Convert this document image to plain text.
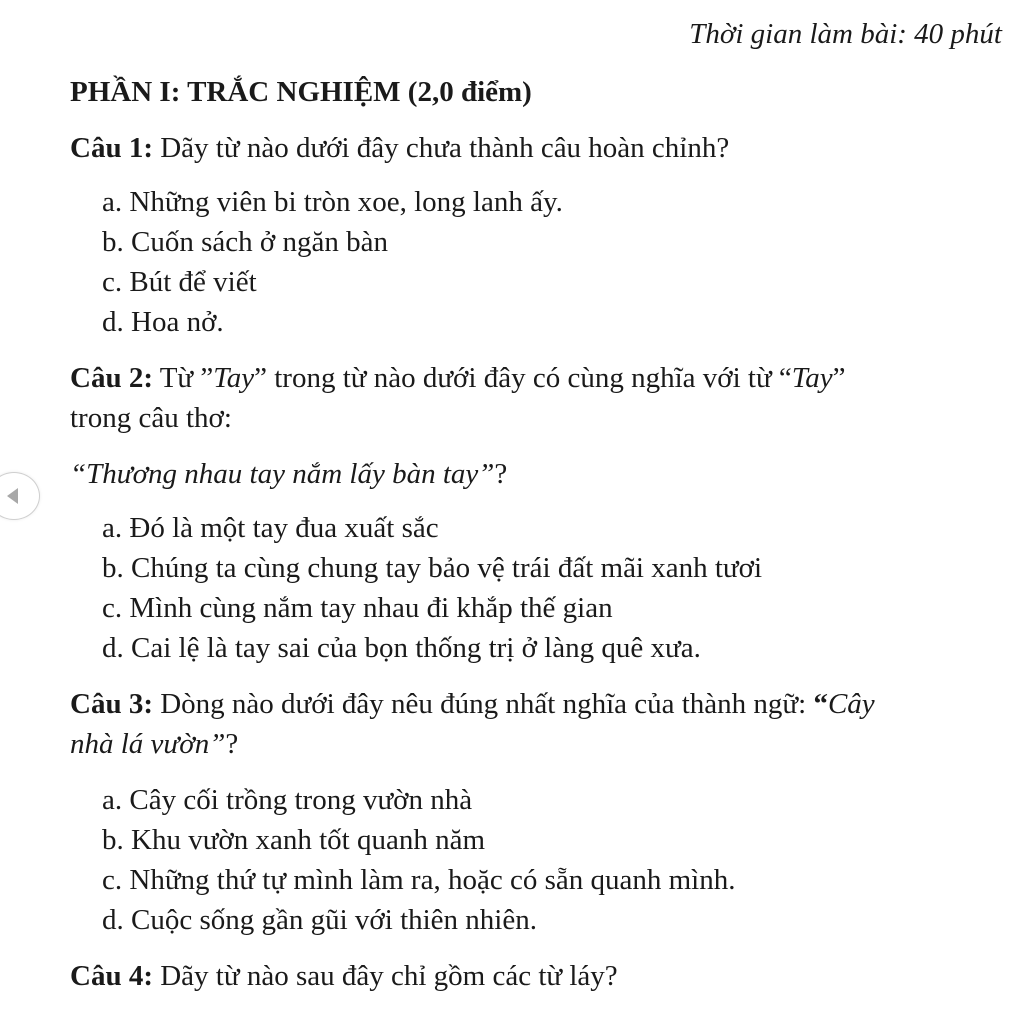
Thời gian làm bài: 40 phút
PHẦN I: TRẮC NGHIỆM (2,0 điểm)
Câu 1: Dãy từ nào dưới đây chưa thành câu hoàn chỉnh?
a. Những viên bi tròn xoe, long lanh ấy.
b. Cuốn sách ở ngăn bàn
c. Bút để viết
d. Hoa nở.
Câu 2: Từ ”Tay” trong từ nào dưới đây có cùng nghĩa với từ “Tay”
trong câu thơ:
“Thương nhau tay nắm lấy bàn tay”?
a. Đó là một tay đua xuất sắc
b. Chúng ta cùng chung tay bảo vệ trái đất mãi xanh tươi
c. Mình cùng nắm tay nhau đi khắp thế gian
d. Cai lệ là tay sai của bọn thống trị ở làng quê xưa.
Câu 3: Dòng nào dưới đây nêu đúng nhất nghĩa của thành ngữ: “Cây
nhà lá vườn”?
a. Cây cối trồng trong vườn nhà
b. Khu vườn xanh tốt quanh năm
c. Những thứ tự mình làm ra, hoặc có sẵn quanh mình.
d. Cuộc sống gần gũi với thiên nhiên.
Câu 4: Dãy từ nào sau đây chỉ gồm các từ láy?
